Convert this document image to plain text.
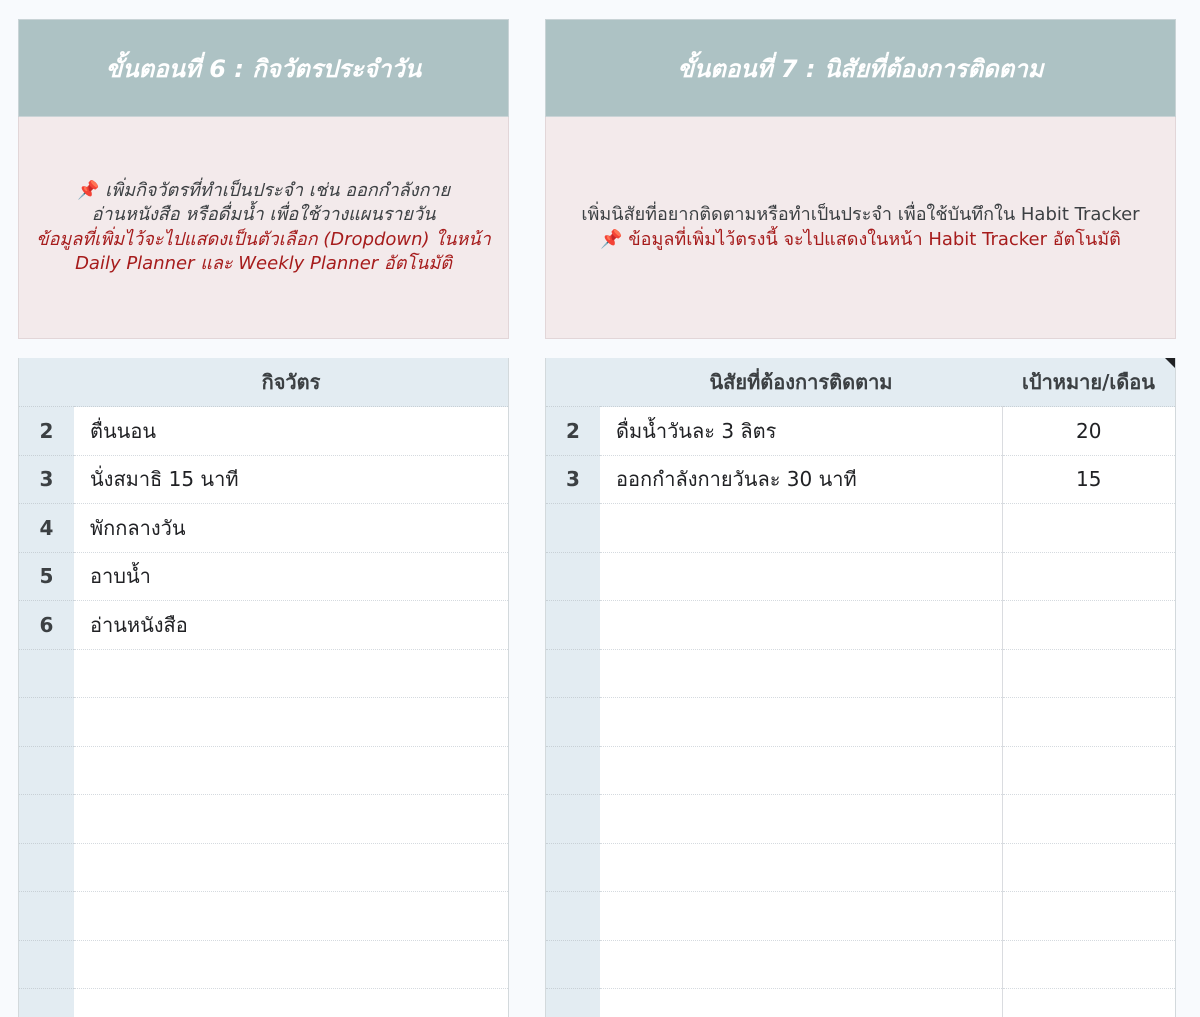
ขั้นตอนที่ 6 : กิจวัตรประจำวัน
📌 เพิ่มกิจวัตรที่ทำเป็นประจำ เช่น ออกกำลังกาย
อ่านหนังสือ หรือดื่มน้ำ เพื่อใช้วางแผนรายวัน
ข้อมูลที่เพิ่มไว้จะไปแสดงเป็นตัวเลือก (Dropdown) ในหน้า
Daily Planner และ Weekly Planner อัตโนมัติ
	กิจวัตร
2	ตื่นนอน
3	นั่งสมาธิ 15 นาที
4	พักกลางวัน
5	อาบน้ำ
6	อ่านหนังสือ

ขั้นตอนที่ 7 : นิสัยที่ต้องการติดตาม
เพิ่มนิสัยที่อยากติดตามหรือทำเป็นประจำ เพื่อใช้บันทึกใน Habit Tracker
📌 ข้อมูลที่เพิ่มไว้ตรงนี้ จะไปแสดงในหน้า Habit Tracker อัตโนมัติ
	นิสัยที่ต้องการติดตาม	เป้าหมาย/เดือน
2	ดื่มน้ำวันละ 3 ลิตร	20
3	ออกกำลังกายวันละ 30 นาที	15
